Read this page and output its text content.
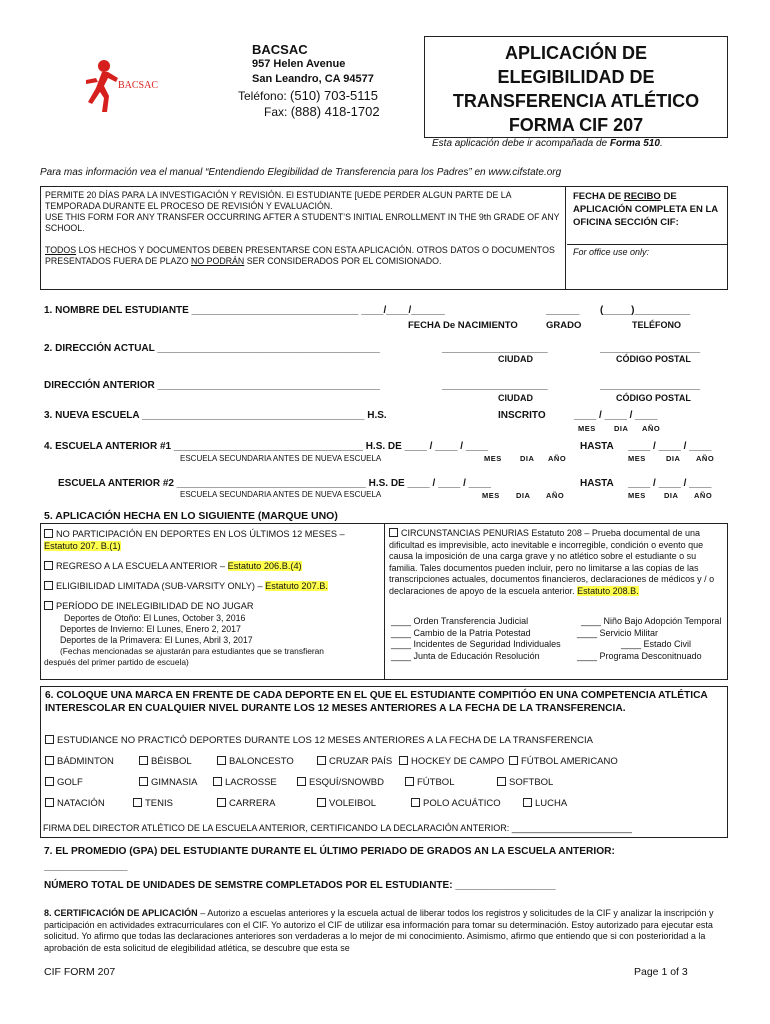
BACSAC
BACSAC
957 Helen Avenue
San Leandro, CA 94577
Teléfono: (510) 703-5115
Fax: (888) 418-1702
APLICACIÓN DE
ELEGIBILIDAD DE
TRANSFERENCIA ATLÉTICO
FORMA CIF 207
Esta aplicación debe ir acompañada de Forma 510.
Para mas información vea el manual “Entendiendo Elegibilidad de Transferencia para los Padres” en www.cifstate.org
PERMITE 20 DÍAS PARA LA INVESTIGACIÓN Y REVISIÓN. El ESTUDIANTE [UEDE PERDER ALGUN PARTE DE LA TEMPORADA DURANTE EL PROCESO DE REVISIÓN Y EVALUACIÓN.
USE THIS FORM FOR ANY TRANSFER OCCURRING AFTER A STUDENT’S INITIAL ENROLLMENT IN THE 9th GRADE OF ANY SCHOOL.
TODOS LOS HECHOS Y DOCUMENTOS DEBEN PRESENTARSE CON ESTA APLICACIÓN. OTROS DATOS O DOCUMENTOS PRESENTADOS FUERA DE PLAZO NO PODRÁN SER CONSIDERADOS POR EL COMISIONADO.
FECHA DE RECIBO DE APLICACIÓN COMPLETA EN LA OFICINA SECCIÓN CIF:
For office use only:
1. NOMBRE DEL ESTUDIANTE ______________________________ ____/____/______	______ (_____)__________
FECHA De NACIMIENTO	GRADO	TELÉFONO
2. DIRECCIÓN ACTUAL ________________________________________	___________________	__________________
CIUDAD	CÓDIGO POSTAL
DIRECCIÓN ANTERIOR ________________________________________	___________________	__________________
CIUDAD	CÓDIGO POSTAL
3. NUEVA ESCUELA ________________________________________ H.S.	INSCRITO	____ / ____ / ____
MES DIA AÑO
4. ESCUELA ANTERIOR #1 __________________________________ H.S. DE ____ / ____ / ____	HASTA ____ / ____ / ____
ESCUELA SECUNDARIA ANTES DE NUEVA ESCUELA	MES DIA AÑO	MES	DIA AÑO
ESCUELA ANTERIOR #2 __________________________________ H.S. DE ____ / ____ / ____	HASTA ____ / ____ / ____
ESCUELA SECUNDARIA ANTES DE NUEVA ESCUELA	MES DIA AÑO	MES DIA AÑO
5. APLICACIÓN HECHA EN LO SIGUIENTE (MARQUE UNO)
NO PARTICIPACIÓN EN DEPORTES EN LOS ÚLTIMOS 12 MESES –
Estatuto 207. B.(1)
REGRESO A LA ESCUELA ANTERIOR – Estatuto 206.B.(4)
ELIGIBILIDAD LIMITADA (SUB-VARSITY ONLY) – Estatuto 207.B.
PERÍODO DE INELEGIBILIDAD DE NO JUGAR
Deportes de Otoño: El Lunes, October 3, 2016
Deportes de Invierno: El Lunes, Enero 2, 2017
Deportes de la Primavera: El Lunes, Abril 3, 2017
(Fechas mencionadas se ajustarán para estudiantes que se transfieran
después del primer partido de escuela)
CIRCUNSTANCIAS PENURIAS Estatuto 208 – Prueba documental de una dificultad es imprevisible, acto inevitable e incorregible, condición o evento que causa la imposición de una carga grave y no atlético sobre el estudiante o su familia. Tales documentos pueden incluir, pero no limitarse a las copias de las transcripciones actuales, documentos financieros, declaraciones de médicos y / o declaraciones de apoyo de la escuela anterior. Estatuto 208.B.
____ Orden Transferencia Judicial	____ Niño Bajo Adopción Temporal
____ Cambio de la Patria Potestad	____ Servicio Militar
____ Incidentes de Seguridad Individuales	____ Estado Civil
____ Junta de Educación Resolución	____ Programa Desconitnuado
6. COLOQUE UNA MARCA EN FRENTE DE CADA DEPORTE EN EL QUE EL ESTUDIANTE COMPITIÓO EN UNA COMPETENCIA ATLÉTICA INTERESCOLAR EN CUALQUIER NIVEL DURANTE LOS 12 MESES ANTERIORES A LA FECHA DE LA TRANSFERENCIA.
ESTUDIANCE NO PRACTICÓ DEPORTES DURANTE LOS 12 MESES ANTERIORES A LA FECHA DE LA TRANSFERENCIA
BÁDMINTON	BÉISBOL	BALONCESTO	CRUZAR PAÍS	HOCKEY DE CAMPO	FÚTBOL AMERICANO
GOLF	GIMNASIA	LACROSSE	ESQUÍ/SNOWBD	FÚTBOL	SOFTBOL
NATACIÓN	TENIS	CARRERA	VOLEIBOL	POLO ACUÁTICO	LUCHA
FIRMA DEL DIRECTOR ATLÉTICO DE LA ESCUELA ANTERIOR, CERTIFICANDO LA DECLARACIÓN ANTERIOR: ________________________
7. EL PROMEDIO (GPA) DEL ESTUDIANTE DURANTE EL ÚLTIMO PERIADO DE GRADOS AN LA ESCUELA ANTERIOR:
_______________
NÚMERO TOTAL DE UNIDADES DE SEMSTRE COMPLETADOS POR EL ESTUDIANTE: __________________
8. CERTIFICACIÓN DE APLICACIÓN – Autorizo a escuelas anteriores y la escuela actual de liberar todos los registros y solicitudes de la CIF y analizar la inscripción y participación en actividades extracurriculares con el CIF. Yo autorizo el CIF de utilizar esa información para tomar su determinación. Estoy autorizado para ejecutar esta solicitud. Yo afirmo que todas las declaraciones anteriores son verdaderas a lo mejor de mi conocimiento. Asimismo, afirmo que entiendo que si con posterioridad a la aprobación de esta solicitud de elegibilidad atlética, se descubre que esta se
CIF FORM 207	Page 1 of 3
